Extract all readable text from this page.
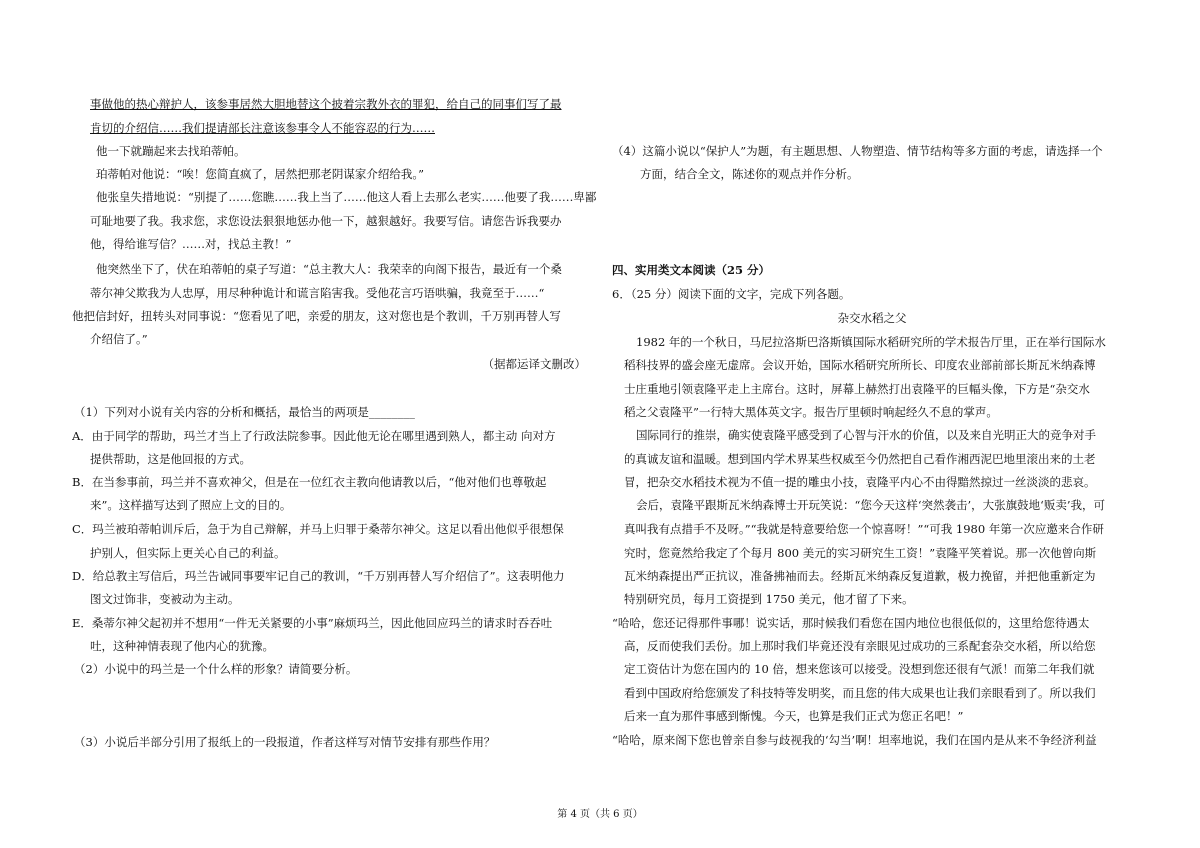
事做他的热心辩护人，该参事居然大胆地替这个披着宗教外衣的罪犯，给自己的同事们写了最
肯切的介绍信……我们提请部长注意该参事令人不能容忍的行为……
他一下就蹦起来去找珀蒂帕。
珀蒂帕对他说：“唉！您简直疯了，居然把那老阴谋家介绍给我。”
他张皇失措地说：“别提了……您瞧……我上当了……他这人看上去那么老实……他要了我……卑鄙
可耻地要了我。我求您，求您设法狠狠地惩办他一下，越狠越好。我要写信。请您告诉我要办
他，得给谁写信？……对，找总主教！”
他突然坐下了，伏在珀蒂帕的桌子写道：“总主教大人：我荣幸的向阁下报告，最近有一个桑
蒂尔神父欺我为人忠厚，用尽种种诡计和谎言陷害我。受他花言巧语哄骗，我竟至于……“
他把信封好，扭转头对同事说：“您看见了吧，亲爱的朋友，这对您也是个教训，千万别再替人写
介绍信了。”
（据都运译文删改）
（1）下列对小说有关内容的分析和概括，最恰当的两项是________
A．由于同学的帮助，玛兰才当上了行政法院参事。因此他无论在哪里遇到熟人，都主动 向对方
提供帮助，这是他回报的方式。
B．在当参事前，玛兰并不喜欢神父，但是在一位红衣主教向他请教以后，“他对他们也尊敬起
来”。这样描写达到了照应上文的目的。
C．玛兰被珀蒂帕训斥后，急于为自己辩解，并马上归罪于桑蒂尔神父。这足以看出他似乎很想保
护别人，但实际上更关心自己的利益。
D．给总教主写信后，玛兰告诫同事要牢记自己的教训，“千万别再替人写介绍信了”。这表明他力
图文过饰非，变被动为主动。
E．桑蒂尔神父起初并不想用“一件无关紧要的小事”麻烦玛兰，因此他回应玛兰的请求时吞吞吐
吐，这种神情表现了他内心的犹豫。
（2）小说中的玛兰是一个什么样的形象？请简要分析。
（3）小说后半部分引用了报纸上的一段报道，作者这样写对情节安排有那些作用？
（4）这篇小说以“保护人”为题，有主题思想、人物塑造、情节结构等多方面的考虑，请选择一个
方面，结合全文，陈述你的观点并作分析。
四、实用类文本阅读（25 分）
6．（25 分）阅读下面的文字，完成下列各题。
杂交水稻之父
1982 年的一个秋日，马尼拉洛斯巴洛斯镇国际水稻研究所的学术报告厅里，正在举行国际水
稻科技界的盛会座无虚席。会议开始，国际水稻研究所所长、印度农业部前部长斯瓦米纳森博
士庄重地引领袁隆平走上主席台。这时，屏幕上赫然打出袁隆平的巨幅头像，下方是“杂交水
稻之父袁隆平”一行特大黑体英文字。报告厅里顿时响起经久不息的掌声。
国际同行的推崇，确实使袁隆平感受到了心智与汗水的价值，以及来自光明正大的竞争对手
的真诚友谊和温暖。想到国内学术界某些权威至今仍然把自己看作湘西泥巴地里滚出来的土老
冒，把杂交水稻技术视为不值一提的雕虫小技，袁隆平内心不由得黯然掠过一丝淡淡的悲哀。
会后，袁隆平跟斯瓦米纳森博士开玩笑说：“您今天这样‘突然袭击’，大张旗鼓地‘贩卖’我，可
真叫我有点措手不及呀。”“我就是特意要给您一个惊喜呀！”“可我 1980 年第一次应邀来合作研
究时，您竟然给我定了个每月 800 美元的实习研究生工资！”袁隆平笑着说。那一次他曾向斯
瓦米纳森提出严正抗议，准备拂袖而去。经斯瓦米纳森反复道歉，极力挽留，并把他重新定为
特别研究员，每月工资提到 1750 美元，他才留了下来。
“哈哈，您还记得那件事哪！说实话，那时候我们看您在国内地位也很低似的，这里给您待遇太
高，反而使我们丢份。加上那时我们毕竟还没有亲眼见过成功的三系配套杂交水稻，所以给您
定工资估计为您在国内的 10 倍，想来您该可以接受。没想到您还很有气派！而第二年我们就
看到中国政府给您颁发了科技特等发明奖，而且您的伟大成果也让我们亲眼看到了。所以我们
后来一直为那件事感到惭愧。今天，也算是我们正式为您正名吧！”
“哈哈，原来阁下您也曾亲自参与歧视我的‘勾当’啊！坦率地说，我们在国内是从来不争经济利益
第 4 页（共 6 页）
